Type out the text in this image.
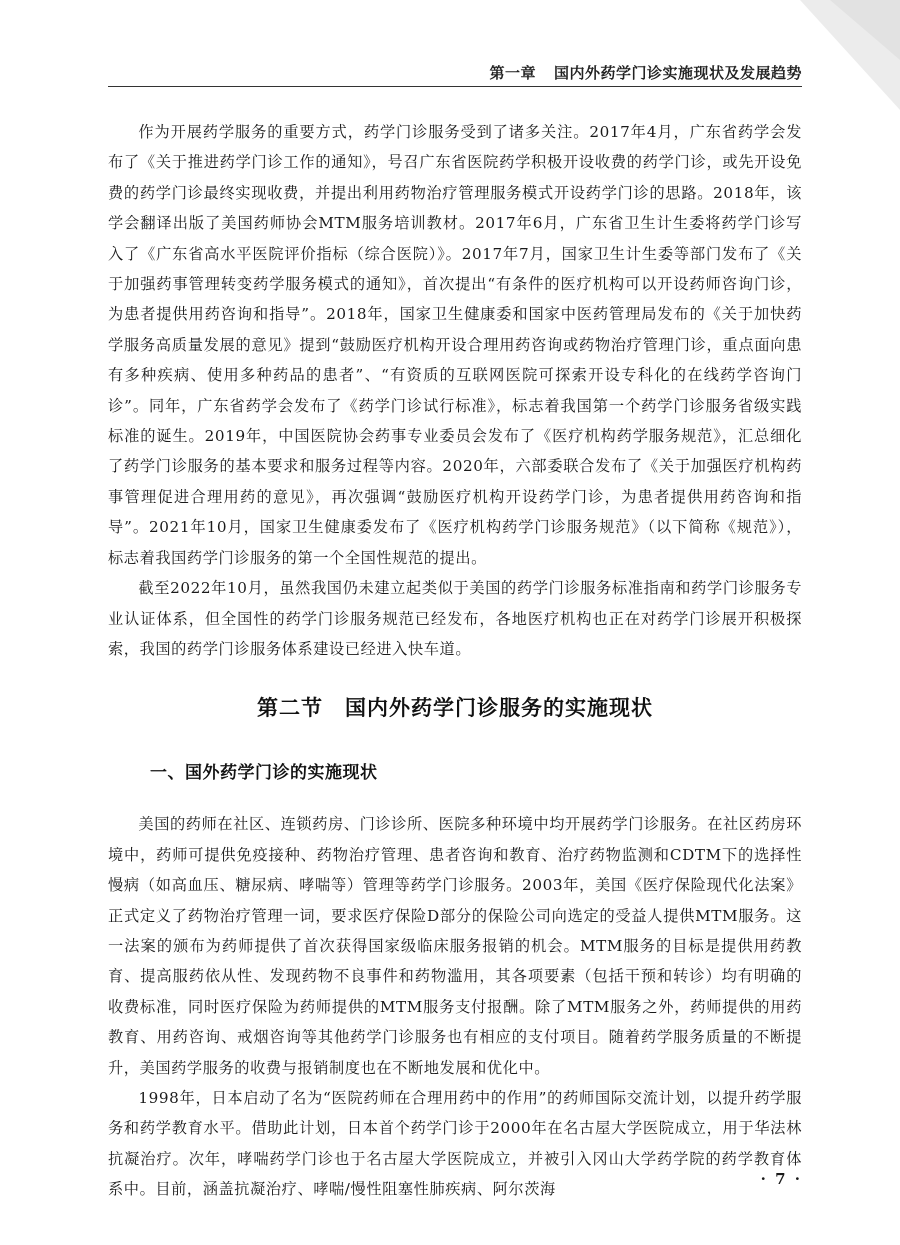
第一章 国内外药学门诊实施现状及发展趋势

作为开展药学服务的重要方式，药学门诊服务受到了诸多关注。2017年4月，广东省药学会发布了《关于推进药学门诊工作的通知》，号召广东省医院药学积极开设收费的药学门诊，或先开设免费的药学门诊最终实现收费，并提出利用药物治疗管理服务模式开设药学门诊的思路。2018年，该学会翻译出版了美国药师协会MTM服务培训教材。2017年6月，广东省卫生计生委将药学门诊写入了《广东省高水平医院评价指标（综合医院）》。2017年7月，国家卫生计生委等部门发布了《关于加强药事管理转变药学服务模式的通知》，首次提出“有条件的医疗机构可以开设药师咨询门诊，为患者提供用药咨询和指导”。2018年，国家卫生健康委和国家中医药管理局发布的《关于加快药学服务高质量发展的意见》提到“鼓励医疗机构开设合理用药咨询或药物治疗管理门诊，重点面向患有多种疾病、使用多种药品的患者”、“有资质的互联网医院可探索开设专科化的在线药学咨询门诊”。同年，广东省药学会发布了《药学门诊试行标准》，标志着我国第一个药学门诊服务省级实践标准的诞生。2019年，中国医院协会药事专业委员会发布了《医疗机构药学服务规范》，汇总细化了药学门诊服务的基本要求和服务过程等内容。2020年，六部委联合发布了《关于加强医疗机构药事管理促进合理用药的意见》，再次强调“鼓励医疗机构开设药学门诊，为患者提供用药咨询和指导”。2021年10月，国家卫生健康委发布了《医疗机构药学门诊服务规范》（以下简称《规范》），标志着我国药学门诊服务的第一个全国性规范的提出。

截至2022年10月，虽然我国仍未建立起类似于美国的药学门诊服务标准指南和药学门诊服务专业认证体系，但全国性的药学门诊服务规范已经发布，各地医疗机构也正在对药学门诊展开积极探索，我国的药学门诊服务体系建设已经进入快车道。

第二节　国内外药学门诊服务的实施现状
一、国外药学门诊的实施现状

美国的药师在社区、连锁药房、门诊诊所、医院多种环境中均开展药学门诊服务。在社区药房环境中，药师可提供免疫接种、药物治疗管理、患者咨询和教育、治疗药物监测和CDTM下的选择性慢病（如高血压、糖尿病、哮喘等）管理等药学门诊服务。2003年，美国《医疗保险现代化法案》正式定义了药物治疗管理一词，要求医疗保险D部分的保险公司向选定的受益人提供MTM服务。这一法案的颁布为药师提供了首次获得国家级临床服务报销的机会。MTM服务的目标是提供用药教育、提高服药依从性、发现药物不良事件和药物滥用，其各项要素（包括干预和转诊）均有明确的收费标准，同时医疗保险为药师提供的MTM服务支付报酬。除了MTM服务之外，药师提供的用药教育、用药咨询、戒烟咨询等其他药学门诊服务也有相应的支付项目。随着药学服务质量的不断提升，美国药学服务的收费与报销制度也在不断地发展和优化中。

1998年，日本启动了名为“医院药师在合理用药中的作用”的药师国际交流计划，以提升药学服务和药学教育水平。借助此计划，日本首个药学门诊于2000年在名古屋大学医院成立，用于华法林抗凝治疗。次年，哮喘药学门诊也于名古屋大学医院成立，并被引入冈山大学药学院的药学教育体系中。目前，涵盖抗凝治疗、哮喘/慢性阻塞性肺疾病、阿尔茨海

· 7 ·
